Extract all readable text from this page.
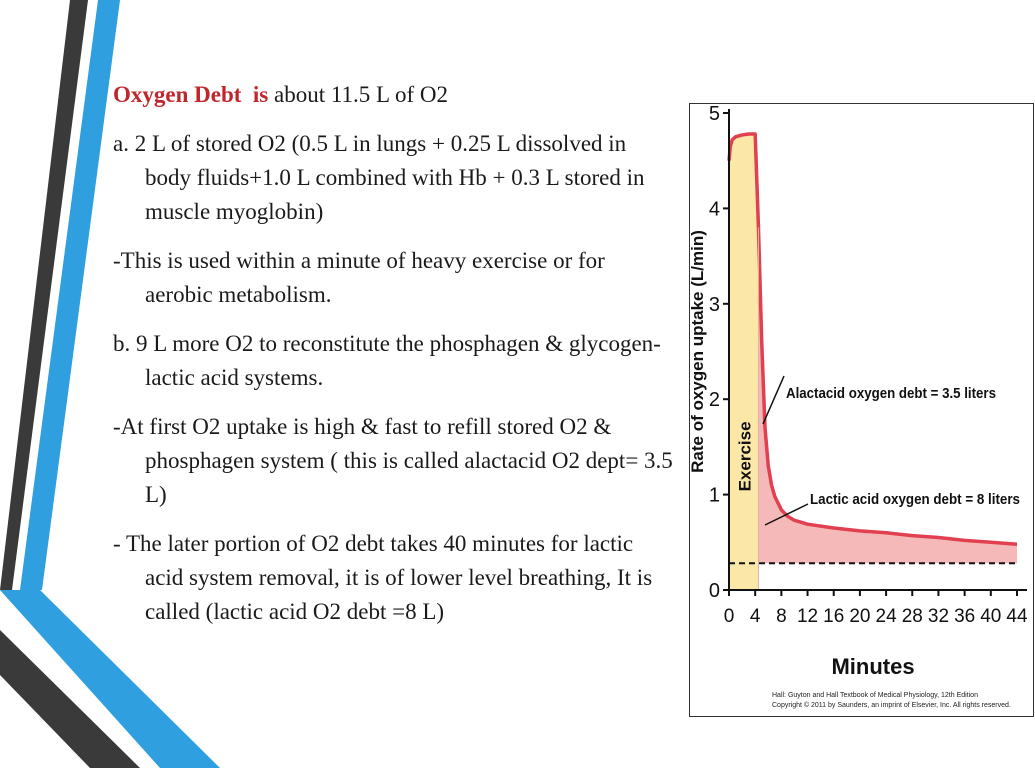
Oxygen Debt is about 11.5 L of O2

a. 2 L of stored O2 (0.5 L in lungs + 0.25 L dissolved in body fluids+1.0 L combined with Hb + 0.3 L stored in muscle myoglobin)

-This is used within a minute of heavy exercise or for aerobic metabolism.

b. 9 L more O2 to reconstitute the phosphagen & glycogen-lactic acid systems.

-At first O2 uptake is high & fast to refill stored O2 & phosphagen system ( this is called alactacid O2 dept= 3.5 L)

- The later portion of O2 debt takes 40 minutes for lactic acid system removal, it is of lower level breathing, It is called (lactic acid O2 debt =8 L)

0
1
2
3
4
5
0 4 8 12 16 20 24 28 32 36 40 44
Minutes
Rate of oxygen uptake (L/min) Exercise
Alactacid oxygen debt = 3.5 liters
Lactic acid oxygen debt = 8 liters
Hall: Guyton and Hall Textbook of Medical Physiology, 12th Edition
Copyright © 2011 by Saunders, an imprint of Elsevier, Inc. All rights reserved.
